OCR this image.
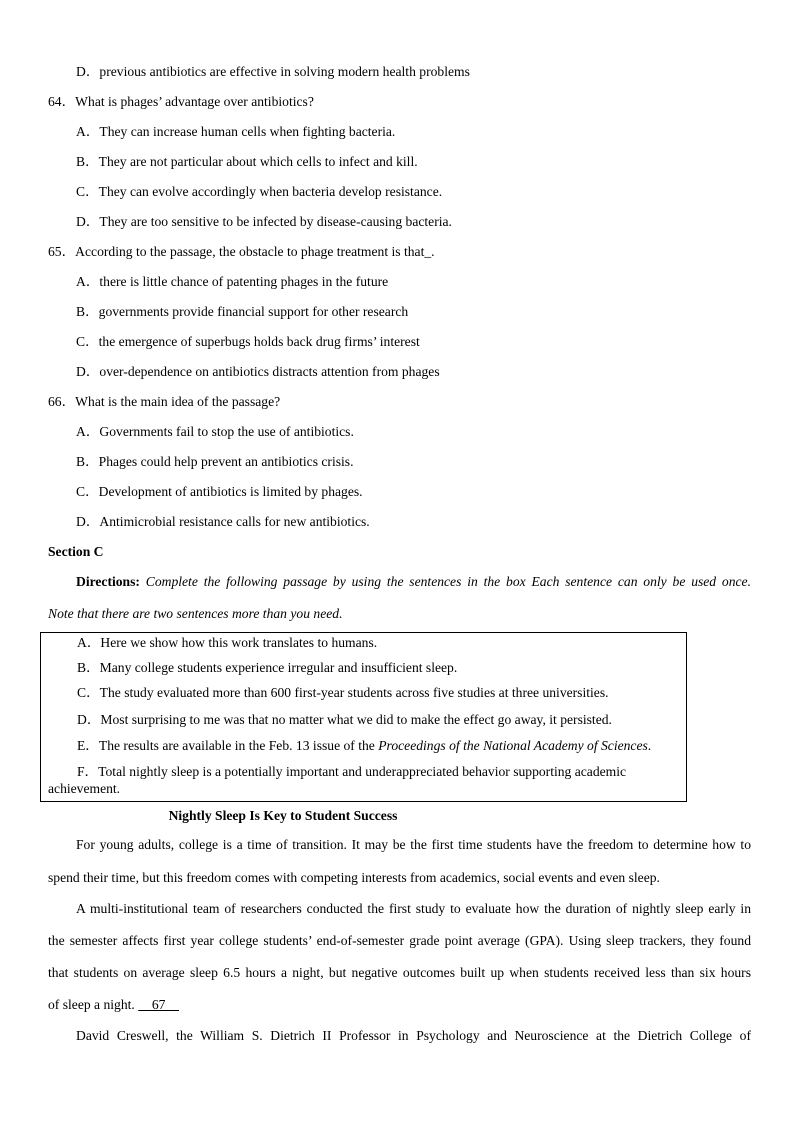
D．previous antibiotics are effective in solving modern health problems
64．What is phages’ advantage over antibiotics?
A．They can increase human cells when fighting bacteria.
B．They are not particular about which cells to infect and kill.
C．They can evolve accordingly when bacteria develop resistance.
D．They are too sensitive to be infected by disease-causing bacteria.
65．According to the passage, the obstacle to phage treatment is that_.
A．there is little chance of patenting phages in the future
B．governments provide financial support for other research
C．the emergence of superbugs holds back drug firms’ interest
D．over-dependence on antibiotics distracts attention from phages
66．What is the main idea of the passage?
A．Governments fail to stop the use of antibiotics.
B．Phages could help prevent an antibiotics crisis.
C．Development of antibiotics is limited by phages.
D．Antimicrobial resistance calls for new antibiotics.
Section C
Directions: Complete the following passage by using the sentences in the box Each sentence can only be used once.
Note that there are two sentences more than you need.
A．Here we show how this work translates to humans.
B．Many college students experience irregular and insufficient sleep.
C．The study evaluated more than 600 first-year students across five studies at three universities.
D．Most surprising to me was that no matter what we did to make the effect go away, it persisted.
E．The results are available in the Feb. 13 issue of the Proceedings of the National Academy of Sciences.
F．Total nightly sleep is a potentially important and underappreciated behavior supporting academic
achievement.
Nightly Sleep Is Key to Student Success
For young adults, college is a time of transition. It may be the first time students have the freedom to determine how to
spend their time, but this freedom comes with competing interests from academics, social events and even sleep.
A multi-institutional team of researchers conducted the first study to evaluate how the duration of nightly sleep early in
the semester affects first year college students’ end-of-semester grade point average (GPA). Using sleep trackers, they found
that students on average sleep 6.5 hours a night, but negative outcomes built up when students received less than six hours
of sleep a night.     67
David Creswell, the William S. Dietrich II Professor in Psychology and Neuroscience at the Dietrich College of
